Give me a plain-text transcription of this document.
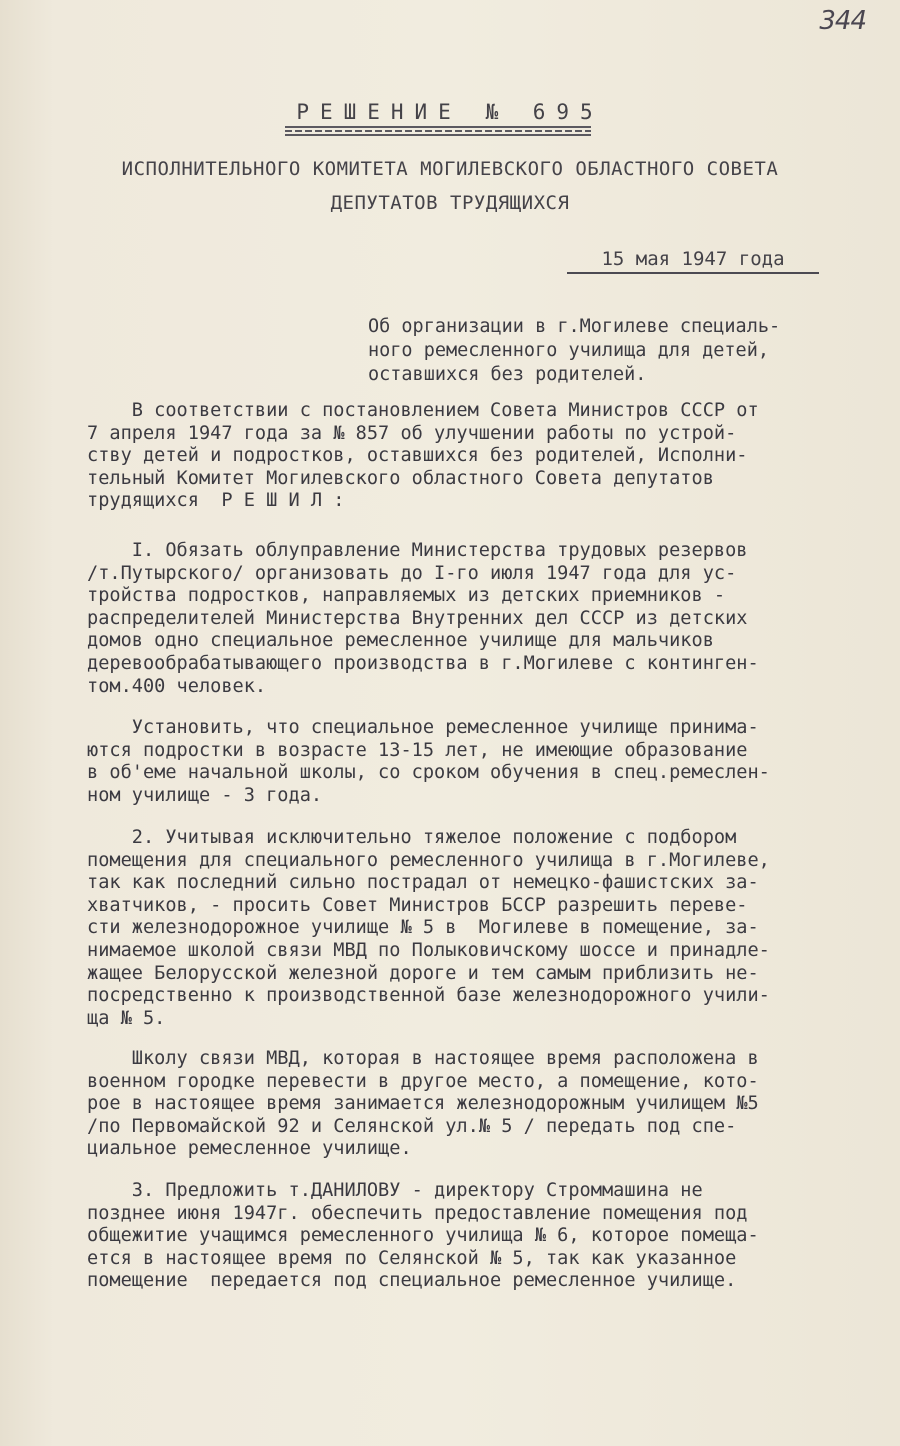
344
РЕШЕНИЕ № 695
ИСПОЛНИТЕЛЬНОГО КОМИТЕТА МОГИЛЕВСКОГО ОБЛАСТНОГО СОВЕТА
ДЕПУТАТОВ ТРУДЯЩИХСЯ
15 мая 1947 года
Об организации в г.Могилеве специаль-
ного ремесленного училища для детей,
оставшихся без родителей.
В соответствии с постановлением Совета Министров СССР от
7 апреля 1947 года за № 857 об улучшении работы по устрой-
ству детей и подростков, оставшихся без родителей, Исполни-
тельный Комитет Могилевского областного Совета депутатов
трудящихся  Р Е Ш И Л :
I. Обязать облуправление Министерства трудовых резервов
/т.Путырского/ организовать до I-го июля 1947 года для ус-
тройства подростков, направляемых из детских приемников -
распределителей Министерства Внутренних дел СССР из детских
домов одно специальное ремесленное училище для мальчиков
деревообрабатывающего производства в г.Могилеве с континген-
том.400 человек.
Установить, что специальное ремесленное училище принима-
ются подростки в возрасте 13-15 лет, не имеющие образование
в об'еме начальной школы, со сроком обучения в спец.ремеслен-
ном училище - 3 года.
2. Учитывая исключительно тяжелое положение с подбором
помещения для специального ремесленного училища в г.Могилеве,
так как последний сильно пострадал от немецко-фашистских за-
хватчиков, - просить Совет Министров БССР разрешить переве-
сти железнодорожное училище № 5 в  Могилеве в помещение, за-
нимаемое школой связи МВД по Полыковичскому шоссе и принадле-
жащее Белорусской железной дороге и тем самым приблизить не-
посредственно к производственной базе железнодорожного учили-
ща № 5.
Школу связи МВД, которая в настоящее время расположена в
военном городке перевести в другое место, а помещение, кото-
рое в настоящее время занимается железнодорожным училищем №5
/по Первомайской 92 и Селянской ул.№ 5 / передать под спе-
циальное ремесленное училище.
3. Предложить т.ДАНИЛОВУ - директору Строммашина не
позднее июня 1947г. обеспечить предоставление помещения под
общежитие учащимся ремесленного училища № 6, которое помеща-
ется в настоящее время по Селянской № 5, так как указанное
помещение  передается под специальное ремесленное училище.
